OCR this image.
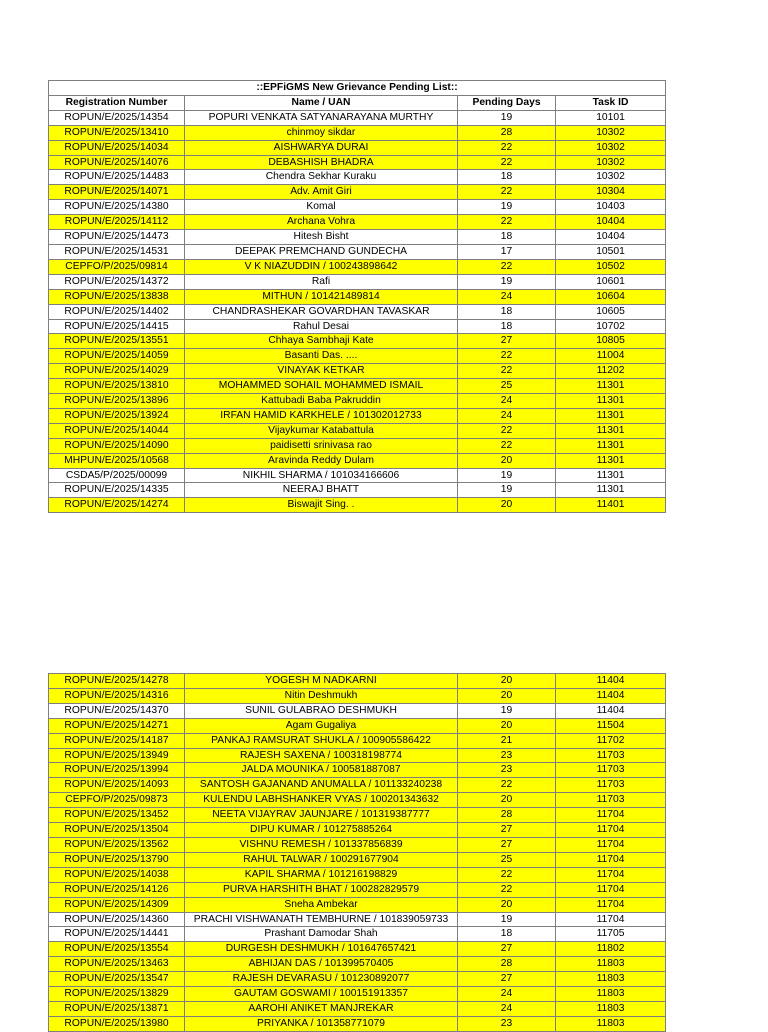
::EPFiGMS New Grievance Pending List::			
Registration Number	Name / UAN	Pending Days	Task ID
ROPUN/E/2025/14354	POPURI VENKATA SATYANARAYANA MURTHY	19	10101
ROPUN/E/2025/13410	chinmoy sikdar	28	10302
ROPUN/E/2025/14034	AISHWARYA DURAI	22	10302
ROPUN/E/2025/14076	DEBASHISH BHADRA	22	10302
ROPUN/E/2025/14483	Chendra Sekhar Kuraku	18	10302
ROPUN/E/2025/14071	Adv. Amit Giri	22	10304
ROPUN/E/2025/14380	Komal	19	10403
ROPUN/E/2025/14112	Archana Vohra	22	10404
ROPUN/E/2025/14473	Hitesh Bisht	18	10404
ROPUN/E/2025/14531	DEEPAK PREMCHAND GUNDECHA	17	10501
CEPFO/P/2025/09814	V K NIAZUDDIN / 100243898642	22	10502
ROPUN/E/2025/14372	Rafi	19	10601
ROPUN/E/2025/13838	MITHUN / 101421489814	24	10604
ROPUN/E/2025/14402	CHANDRASHEKAR GOVARDHAN TAVASKAR	18	10605
ROPUN/E/2025/14415	Rahul Desai	18	10702
ROPUN/E/2025/13551	Chhaya Sambhaji Kate	27	10805
ROPUN/E/2025/14059	Basanti Das. ....	22	11004
ROPUN/E/2025/14029	VINAYAK KETKAR	22	11202
ROPUN/E/2025/13810	MOHAMMED SOHAIL MOHAMMED ISMAIL	25	11301
ROPUN/E/2025/13896	Kattubadi Baba Pakruddin	24	11301
ROPUN/E/2025/13924	IRFAN HAMID KARKHELE / 101302012733	24	11301
ROPUN/E/2025/14044	Vijaykumar Katabattula	22	11301
ROPUN/E/2025/14090	paidisetti srinivasa rao	22	11301
MHPUN/E/2025/10568	Aravinda Reddy Dulam	20	11301
CSDA5/P/2025/00099	NIKHIL SHARMA / 101034166606	19	11301
ROPUN/E/2025/14335	NEERAJ BHATT	19	11301
ROPUN/E/2025/14274	Biswajit Sing. .	20	11401
ROPUN/E/2025/14278	YOGESH M NADKARNI	20	11404
ROPUN/E/2025/14316	Nitin Deshmukh	20	11404
ROPUN/E/2025/14370	SUNIL GULABRAO DESHMUKH	19	11404
ROPUN/E/2025/14271	Agam Gugaliya	20	11504
ROPUN/E/2025/14187	PANKAJ RAMSURAT SHUKLA / 100905586422	21	11702
ROPUN/E/2025/13949	RAJESH SAXENA / 100318198774	23	11703
ROPUN/E/2025/13994	JALDA MOUNIKA / 100581887087	23	11703
ROPUN/E/2025/14093	SANTOSH GAJANAND ANUMALLA / 101133240238	22	11703
CEPFO/P/2025/09873	KULENDU LABHSHANKER VYAS / 100201343632	20	11703
ROPUN/E/2025/13452	NEETA VIJAYRAV JAUNJARE / 101319387777	28	11704
ROPUN/E/2025/13504	DIPU KUMAR / 101275885264	27	11704
ROPUN/E/2025/13562	VISHNU REMESH / 101337856839	27	11704
ROPUN/E/2025/13790	RAHUL TALWAR / 100291677904	25	11704
ROPUN/E/2025/14038	KAPIL SHARMA / 101216198829	22	11704
ROPUN/E/2025/14126	PURVA HARSHITH BHAT / 100282829579	22	11704
ROPUN/E/2025/14309	Sneha Ambekar	20	11704
ROPUN/E/2025/14360	PRACHI VISHWANATH TEMBHURNE / 101839059733	19	11704
ROPUN/E/2025/14441	Prashant Damodar Shah	18	11705
ROPUN/E/2025/13554	DURGESH DESHMUKH / 101647657421	27	11802
ROPUN/E/2025/13463	ABHIJAN DAS / 101399570405	28	11803
ROPUN/E/2025/13547	RAJESH DEVARASU / 101230892077	27	11803
ROPUN/E/2025/13829	GAUTAM GOSWAMI / 100151913357	24	11803
ROPUN/E/2025/13871	AAROHI ANIKET MANJREKAR	24	11803
ROPUN/E/2025/13980	PRIYANKA / 101358771079	23	11803
